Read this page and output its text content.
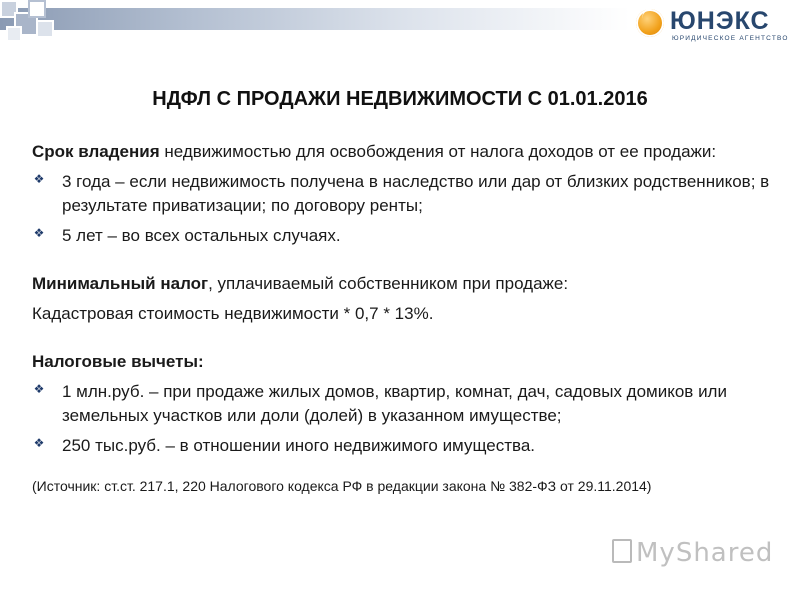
ЮНЭКС
ЮРИДИЧЕСКОЕ АГЕНТСТВО
НДФЛ С ПРОДАЖИ НЕДВИЖИМОСТИ С 01.01.2016

Срок владения недвижимостью для освобождения от налога доходов от ее продажи:

❖ 3 года – если недвижимость получена в наследство или дар от близких родственников; в результате приватизации; по договору ренты;
❖ 5 лет – во всех остальных случаях.

Минимальный налог, уплачиваемый собственником при продаже:

Кадастровая стоимость недвижимости * 0,7 * 13%.

Налоговые вычеты:

❖ 1 млн.руб. – при продаже жилых домов, квартир, комнат, дач, садовых домиков или земельных участков или доли (долей) в указанном имуществе;
❖ 250 тыс.руб. – в отношении иного недвижимого имущества.

(Источник: ст.ст. 217.1, 220 Налогового кодекса РФ в редакции закона № 382-ФЗ от 29.11.2014)

MyShared
